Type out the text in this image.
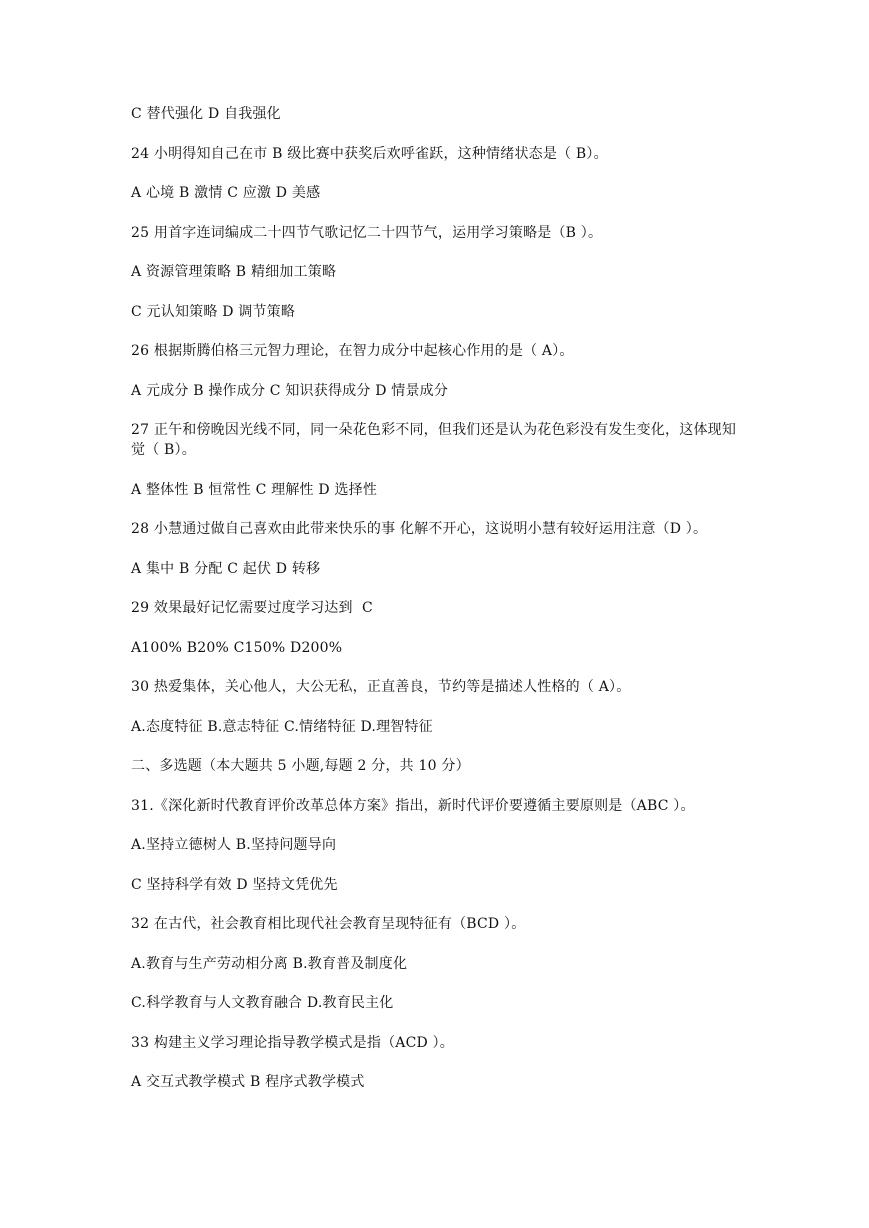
C 替代强化 D 自我强化
24 小明得知自己在市 B 级比赛中获奖后欢呼雀跃，这种情绪状态是（ B）。
A 心境 B 激情 C 应激 D 美感
25 用首字连词编成二十四节气歌记忆二十四节气，运用学习策略是（B ）。
A 资源管理策略 B 精细加工策略
C 元认知策略 D 调节策略
26 根据斯腾伯格三元智力理论，在智力成分中起核心作用的是（ A）。
A 元成分 B 操作成分 C 知识获得成分 D 情景成分
27 正午和傍晚因光线不同，同一朵花色彩不同，但我们还是认为花色彩没有发生变化，这体现知觉（ B）。
A 整体性 B 恒常性 C 理解性 D 选择性
28 小慧通过做自己喜欢由此带来快乐的事 化解不开心，这说明小慧有较好运用注意（D ）。
A 集中 B 分配 C 起伏 D 转移
29 效果最好记忆需要过度学习达到  C
A100% B20% C150% D200%
30 热爱集体，关心他人，大公无私，正直善良，节约等是描述人性格的（ A）。
A.态度特征 B.意志特征 C.情绪特征 D.理智特征
二、多选题（本大题共 5 小题,每题 2 分，共 10 分）
31.《深化新时代教育评价改革总体方案》指出，新时代评价要遵循主要原则是（ABC ）。
A.坚持立德树人 B.坚持问题导向
C 坚持科学有效 D 坚持文凭优先
32 在古代，社会教育相比现代社会教育呈现特征有（BCD ）。
A.教育与生产劳动相分离 B.教育普及制度化
C.科学教育与人文教育融合 D.教育民主化
33 构建主义学习理论指导教学模式是指（ACD ）。
A 交互式教学模式 B 程序式教学模式
